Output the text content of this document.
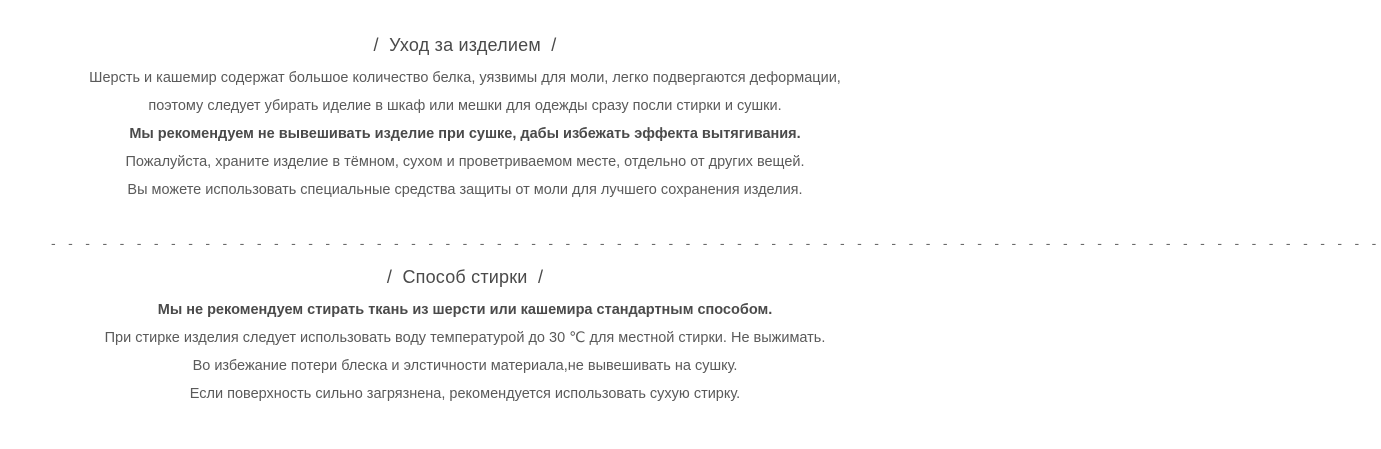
/ Уход за изделием /
Шерсть и кашемир содержат большое количество белка, уязвимы для моли, легко подвергаются деформации,
поэтому следует убирать иделие в шкаф или мешки для одежды сразу посли стирки и сушки.
Мы рекомендуем не вывешивать изделие при сушке, дабы избежать эффекта вытягивания.
Пожалуйста, храните изделие в тёмном, сухом и проветриваемом месте, отдельно от других вещей.
Вы можете использовать специальные средства защиты от моли для лучшего сохранения изделия.
- - - - - - - - - - - - - - - - - - - - - - - - - - - - - - - - - - - - - - - - - - - - - - - - - - - - - - - - - - - - - - - - - - - - - - - - - - - - - -
/ Способ стирки /
Мы не рекомендуем стирать ткань из шерсти или кашемира стандартным способом.
При стирке изделия следует использовать воду температурой до 30 ℃ для местной стирки. Не выжимать.
Во избежание потери блеска и элстичности материала,не вывешивать на сушку.
Если поверхность сильно загрязнена, рекомендуется использовать сухую стирку.
